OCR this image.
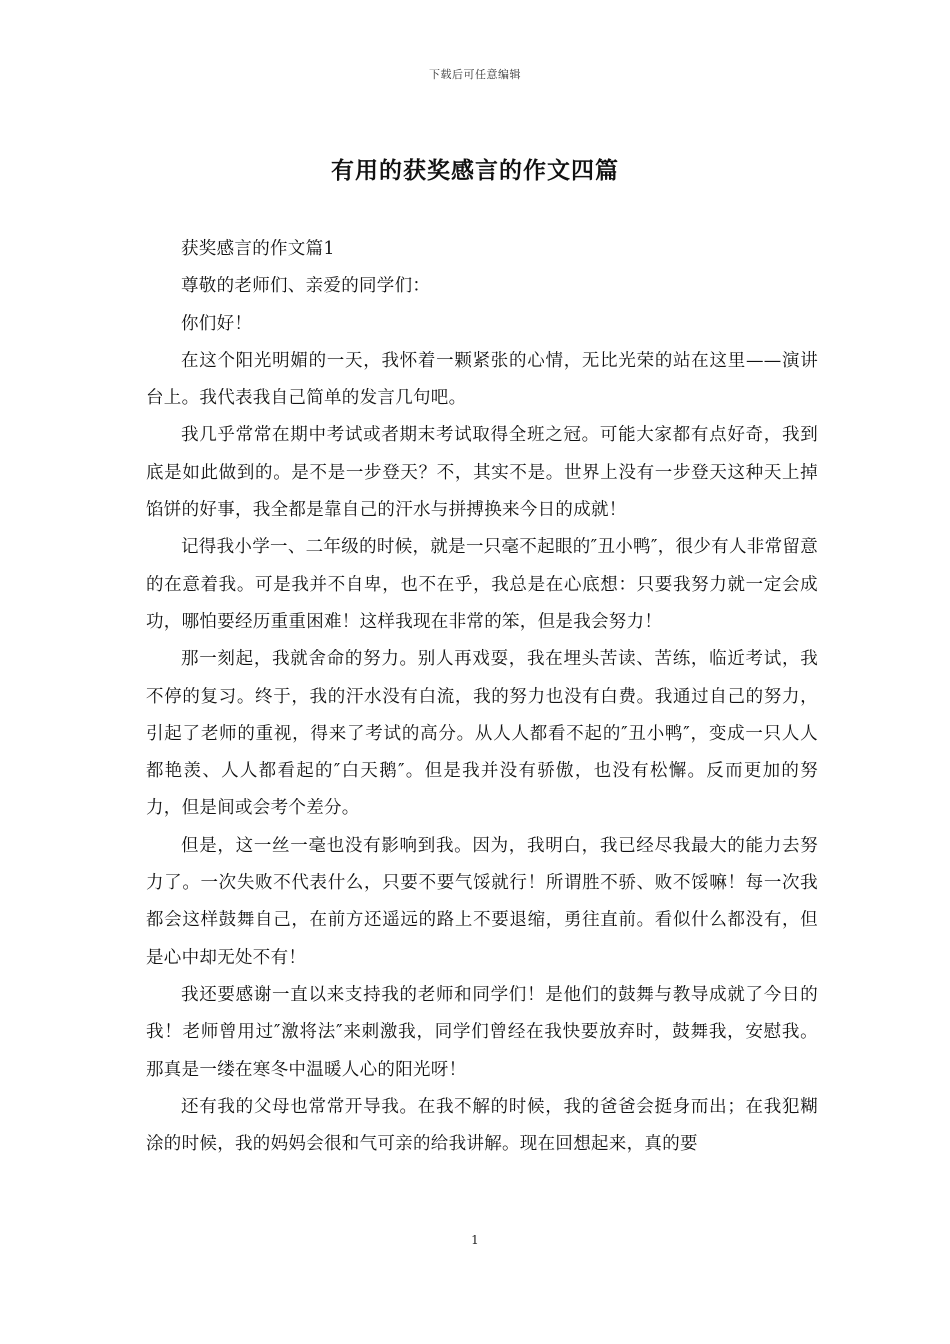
下载后可任意编辑
有用的获奖感言的作文四篇

获奖感言的作文篇1

尊敬的老师们、亲爱的同学们：

你们好！

在这个阳光明媚的一天，我怀着一颗紧张的心情，无比光荣的站在这里——演讲台上。我代表我自己简单的发言几句吧。

我几乎常常在期中考试或者期末考试取得全班之冠。可能大家都有点好奇，我到底是如此做到的。是不是一步登天？不，其实不是。世界上没有一步登天这种天上掉馅饼的好事，我全都是靠自己的汗水与拼搏换来今日的成就！

记得我小学一、二年级的时候，就是一只毫不起眼的″丑小鸭″，很少有人非常留意的在意着我。可是我并不自卑，也不在乎，我总是在心底想：只要我努力就一定会成功，哪怕要经历重重困难！这样我现在非常的笨，但是我会努力！

那一刻起，我就舍命的努力。别人再戏耍，我在埋头苦读、苦练，临近考试，我不停的复习。终于，我的汗水没有白流，我的努力也没有白费。我通过自己的努力，引起了老师的重视，得来了考试的高分。从人人都看不起的″丑小鸭″，变成一只人人都艳羡、人人都看起的″白天鹅″。但是我并没有骄傲，也没有松懈。反而更加的努力，但是间或会考个差分。

但是，这一丝一毫也没有影响到我。因为，我明白，我已经尽我最大的能力去努力了。一次失败不代表什么，只要不要气馁就行！所谓胜不骄、败不馁嘛！每一次我都会这样鼓舞自己，在前方还遥远的路上不要退缩，勇往直前。看似什么都没有，但是心中却无处不有！

我还要感谢一直以来支持我的老师和同学们！是他们的鼓舞与教导成就了今日的我！老师曾用过″激将法″来刺激我，同学们曾经在我快要放弃时，鼓舞我，安慰我。那真是一缕在寒冬中温暖人心的阳光呀！

还有我的父母也常常开导我。在我不解的时候，我的爸爸会挺身而出；在我犯糊涂的时候，我的妈妈会很和气可亲的给我讲解。现在回想起来，真的要

1
